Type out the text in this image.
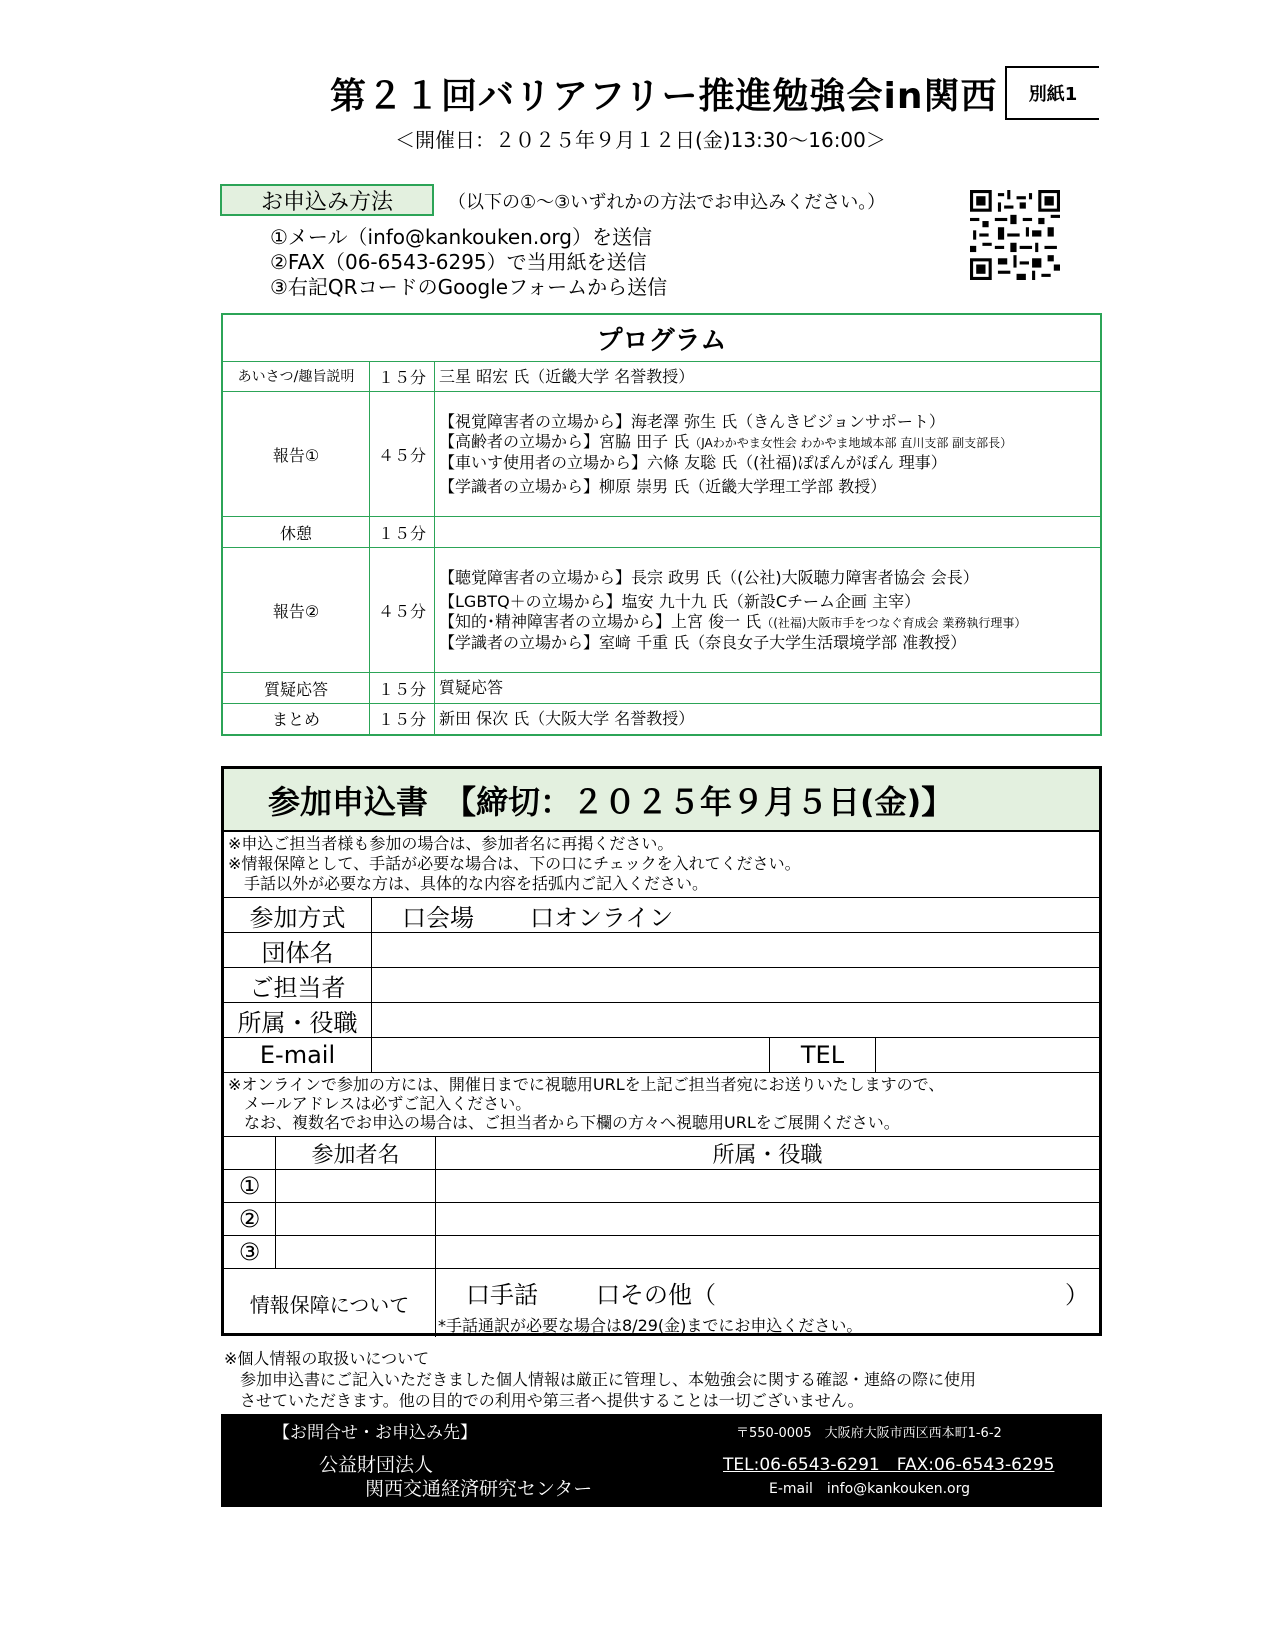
第２１回バリアフリー推進勉強会in関西	別紙1
＜開催日：２０２５年９月１２日(金)13:30～16:00＞
お申込み方法	（以下の①～③いずれかの方法でお申込みください。）
①メール（info@kankouken.org）を送信
②FAX（06-6543-6295）で当用紙を送信
③右記QRコードのGoogleフォームから送信
プログラム		
あいさつ/趣旨説明	１５分	三星 昭宏 氏（近畿大学 名誉教授）

報告①	４５分	【視覚障害者の立場から】海老澤 弥生 氏（きんきビジョンサポート）
【高齢者の立場から】宮脇 田子 氏（JAわかやま女性会 わかやま地域本部 直川支部 副支部長）
【車いす使用者の立場から】六條 友聡 氏（(社福)ぽぽんがぽん 理事）
【学識者の立場から】柳原 崇男 氏（近畿大学理工学部 教授）

休憩	１５分	
報告②	４５分	【聴覚障害者の立場から】長宗 政男 氏（(公社)大阪聴力障害者協会 会長）
【LGBTQ＋の立場から】塩安 九十九 氏（新設Cチーム企画 主宰）
【知的･精神障害者の立場から】上宮 俊一 氏（(社福)大阪市手をつなぐ育成会 業務執行理事）
【学識者の立場から】室﨑 千重 氏（奈良女子大学生活環境学部 准教授）

質疑応答	１５分	質疑応答

まとめ	１５分	新田 保次 氏（大阪大学 名誉教授）
参加申込書　【締切：２０２５年９月５日(金)】
※申込ご担当者様も参加の場合は、参加者名に再掲ください。
※情報保障として、手話が必要な場合は、下の口にチェックを入れてください。
　手話以外が必要な方は、具体的な内容を括弧内ご記入ください。
参加方式	口会場 口オンライン
団体名
ご担当者
所属・役職
E-mail	TEL
※オンラインで参加の方には、開催日までに視聴用URLを上記ご担当者宛にお送りいたしますので、
　メールアドレスは必ずご記入ください。
　なお、複数名でお申込の場合は、ご担当者から下欄の方々へ視聴用URLをご展開ください。
参加者名	所属・役職
①
②
③
情報保障について	口手話 口その他（	）
*手話通訳が必要な場合は8/29(金)までにお申込ください。
※個人情報の取扱いについて
　参加申込書にご記入いただきました個人情報は厳正に管理し、本勉強会に関する確認・連絡の際に使用
　させていただきます。他の目的での利用や第三者へ提供することは一切ございません。
【お問合せ・お申込み先】
公益財団法人
関西交通経済研究センター
〒550-0005　大阪府大阪市西区西本町1-6-2
TEL:06-6543-6291　FAX:06-6543-6295
E-mail　info@kankouken.org
